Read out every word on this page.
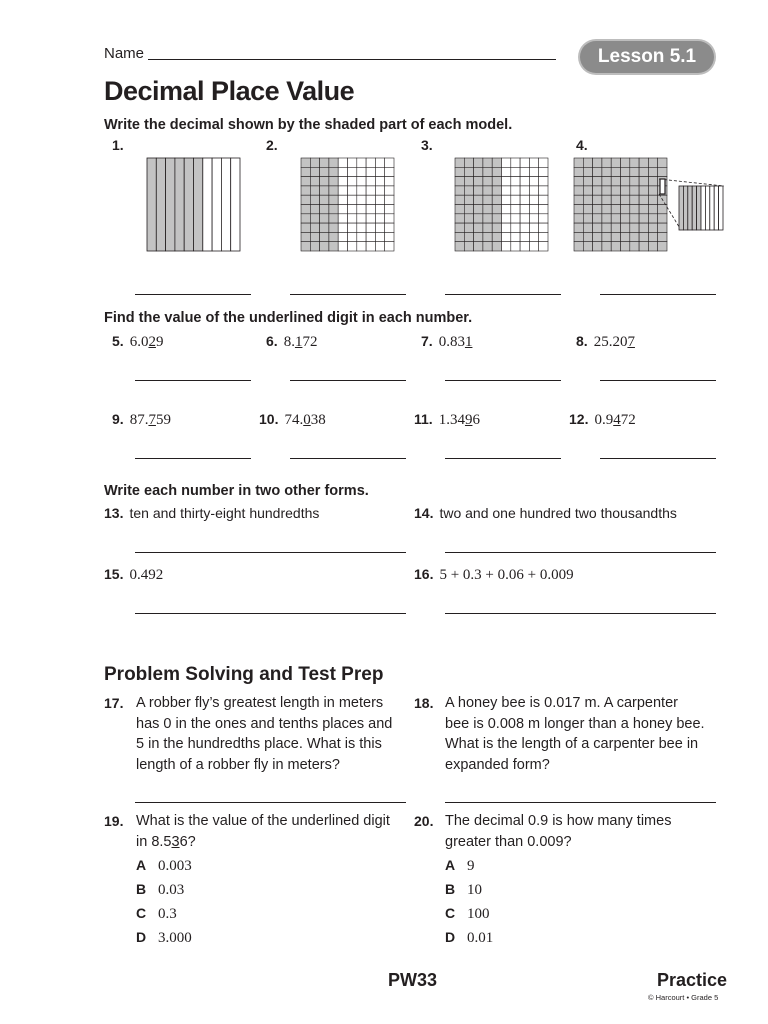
Name	Lesson 5.1
Decimal Place Value
Write the decimal shown by the shaded part of each model.
1.	2.	3.	4.
Find the value of the underlined digit in each number.
5. 6.029	6. 8.172	7. 0.831	8. 25.207
9. 87.759	10. 74.038	11. 1.3496	12. 0.9472
Write each number in two other forms.
13. ten and thirty-eight hundredths	14. two and one hundred two thousandths
15. 0.492	16. 5 + 0.3 + 0.06 + 0.009
Problem Solving and Test Prep
17. A robber fly’s greatest length in meters
has 0 in the ones and tenths places and
5 in the hundredths place. What is this
length of a robber fly in meters?
18. A honey bee is 0.017 m. A carpenter
bee is 0.008 m longer than a honey bee.
What is the length of a carpenter bee in
expanded form?
19. What is the value of the underlined digit
in 8.536?
A 0.003
B 0.03
C 0.3
D 3.000
20. The decimal 0.9 is how many times
greater than 0.009?
A 9
B 10
C 100
D 0.01
PW33	Practice
© Harcourt • Grade 5
